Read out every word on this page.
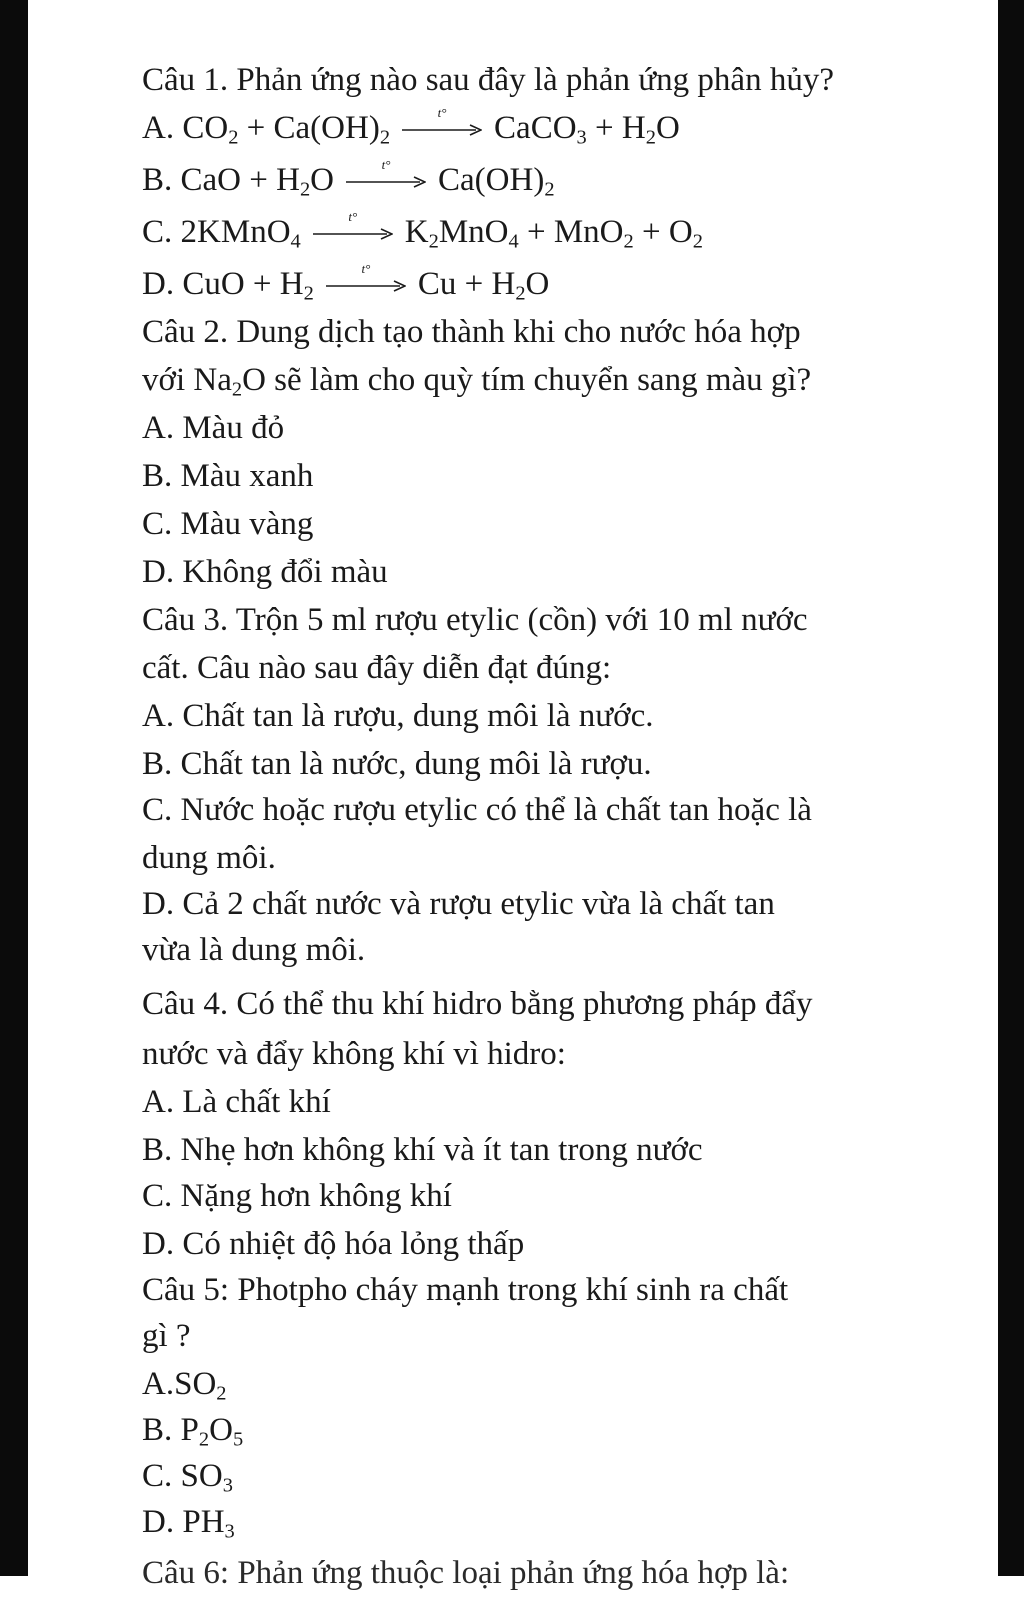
Câu 1. Phản ứng nào sau đây là phản ứng phân hủy?
A. $CO_2 + Ca(OH)_2$
t°	CaCO$_3$ + $H_2O$
B. CaO + $H_2O$	t°	$Ca(OH)_2$
C. 2KMnO$_4$
t°	$K_2MnO_4 + MnO_2 + O_2$
D. CuO + $H_2$
t°	$Cu + H_2O$
Câu 2. Dung dịch tạo thành khi cho nước hóa hợp
với $Na_2O$ sẽ làm cho quỳ tím chuyển sang màu gì?
A. Màu đỏ
B. Màu xanh
C. Màu vàng
D. Không đổi màu
Câu 3. Trộn 5 ml rượu etylic (cồn) với 10 ml nước
cất. Câu nào sau đây diễn đạt đúng:
A. Chất tan là rượu, dung môi là nước.
B. Chất tan là nước, dung môi là rượu.
C. Nước hoặc rượu etylic có thể là chất tan hoặc là
dung môi.
D. Cả 2 chất nước và rượu etylic vừa là chất tan
vừa là dung môi.
Câu 4. Có thể thu khí hidro bằng phương pháp đẩy
nước và đẩy không khí vì hidro:
A. Là chất khí
B. Nhẹ hơn không khí và ít tan trong nước
C. Nặng hơn không khí
D. Có nhiệt độ hóa lỏng thấp
Câu 5: Photpho cháy mạnh trong khí sinh ra chất
gì ?
$A.SO_2$
B. $P_2O_5$
C. $SO_3$
D. $PH_3$
Câu 6: Phản ứng thuộc loại phản ứng hóa hợp là:
